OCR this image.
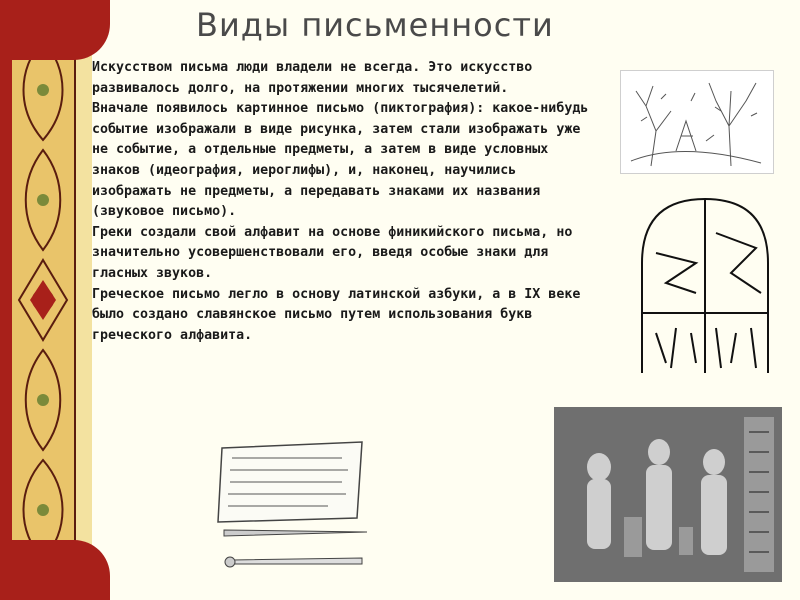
Виды письменности
Искусством письма люди владели не всегда. Это искусство развивалось долго, на протяжении многих тысячелетий.
Вначале появилось картинное письмо (пиктография): какое-нибудь событие изображали в виде рисунка, затем стали изображать уже не событие, а отдельные предметы, а затем в виде условных знаков (идеография, иероглифы), и, наконец, научились изображать не предметы, а передавать знаками их названия (звуковое письмо).
Греки создали свой алфавит на основе финикийского письма, но значительно усовершенствовали его, введя особые знаки для гласных звуков.
Греческое письмо легло в основу латинской азбуки, а в IX веке было создано славянское письмо путем использования букв греческого алфавита.
